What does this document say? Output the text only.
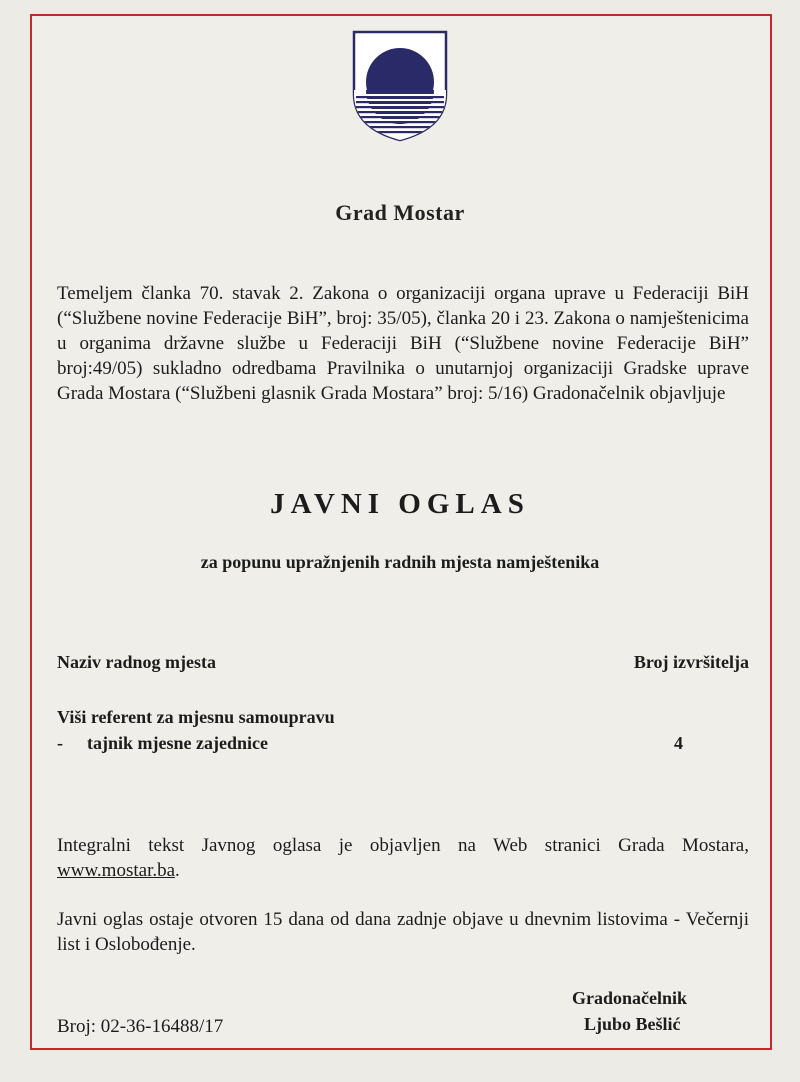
Grad Mostar
Temeljem članka 70. stavak 2. Zakona o organizaciji organa uprave u Federaciji BiH (“Službene novine Federacije BiH”, broj: 35/05), članka 20 i 23. Zakona o namještenicima u organima državne službe u Federaciji BiH (“Službene novine Federacije BiH” broj:49/05) sukladno odredbama Pravilnika o unutarnjoj organizaciji Gradske uprave Grada Mostara (“Službeni glasnik Grada Mostara” broj: 5/16) Gradonačelnik objavljuje
JAVNI OGLAS
za popunu upražnjenih radnih mjesta namještenika
Naziv radnog mjesta	Broj izvršitelja
Viši referent za mjesnu samoupravu
- tajnik mjesne zajednice	4
Integralni tekst Javnog oglasa je objavljen na Web stranici Grada Mostara, www.mostar.ba.
Javni oglas ostaje otvoren 15 dana od dana zadnje objave u dnevnim listovima - Večernji list i Oslobođenje.
Gradonačelnik
Ljubo Bešlić
Broj: 02-36-16488/17
